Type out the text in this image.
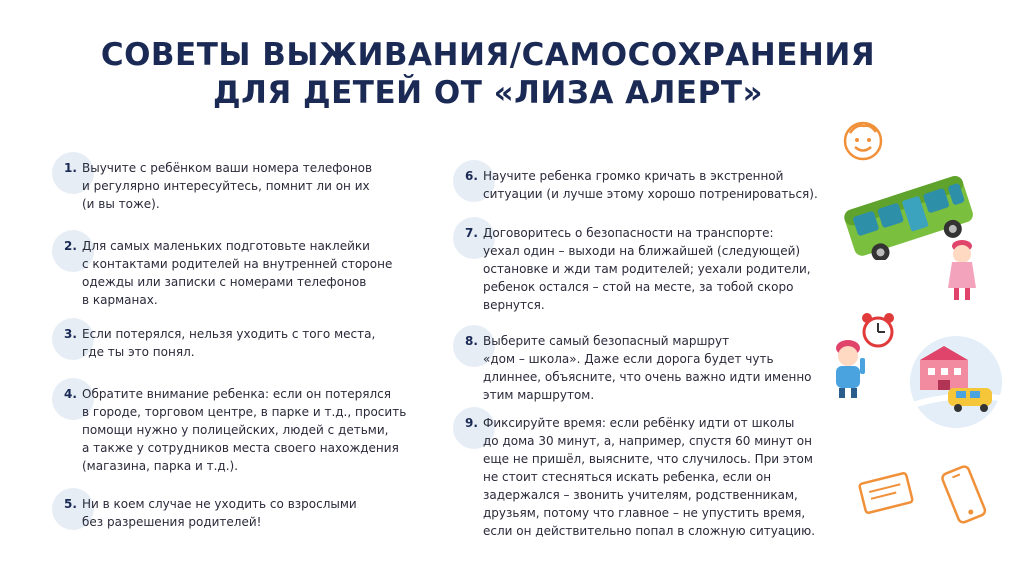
СОВЕТЫ ВЫЖИВАНИЯ/САМОСОХРАНЕНИЯ
ДЛЯ ДЕТЕЙ ОТ «ЛИЗА АЛЕРТ»
1. Выучите с ребёнком ваши номера телефонов
и регулярно интересуйтесь, помнит ли он их
(и вы тоже).
2. Для самых маленьких подготовьте наклейки
с контактами родителей на внутренней стороне
одежды или записки с номерами телефонов
в карманах.
3. Если потерялся, нельзя уходить с того места,
где ты это понял.
4. Обратите внимание ребенка: если он потерялся
в городе, торговом центре, в парке и т.д., просить
помощи нужно у полицейских, людей с детьми,
а также у сотрудников места своего нахождения
(магазина, парка и т.д.).
5. Ни в коем случае не уходить со взрослыми
без разрешения родителей!
6. Научите ребенка громко кричать в экстренной
ситуации (и лучше этому хорошо потренироваться).
7. Договоритесь о безопасности на транспорте:
уехал один – выходи на ближайшей (следующей)
остановке и жди там родителей; уехали родители,
ребенок остался – стой на месте, за тобой скоро
вернутся.
8. Выберите самый безопасный маршрут
«дом – школа». Даже если дорога будет чуть
длиннее, объясните, что очень важно идти именно
этим маршрутом.
9. Фиксируйте время: если ребёнку идти от школы
до дома 30 минут, а, например, спустя 60 минут он
еще не пришёл, выясните, что случилось. При этом
не стоит стесняться искать ребенка, если он
задержался – звонить учителям, родственникам,
друзьям, потому что главное – не упустить время,
если он действительно попал в сложную ситуацию.
